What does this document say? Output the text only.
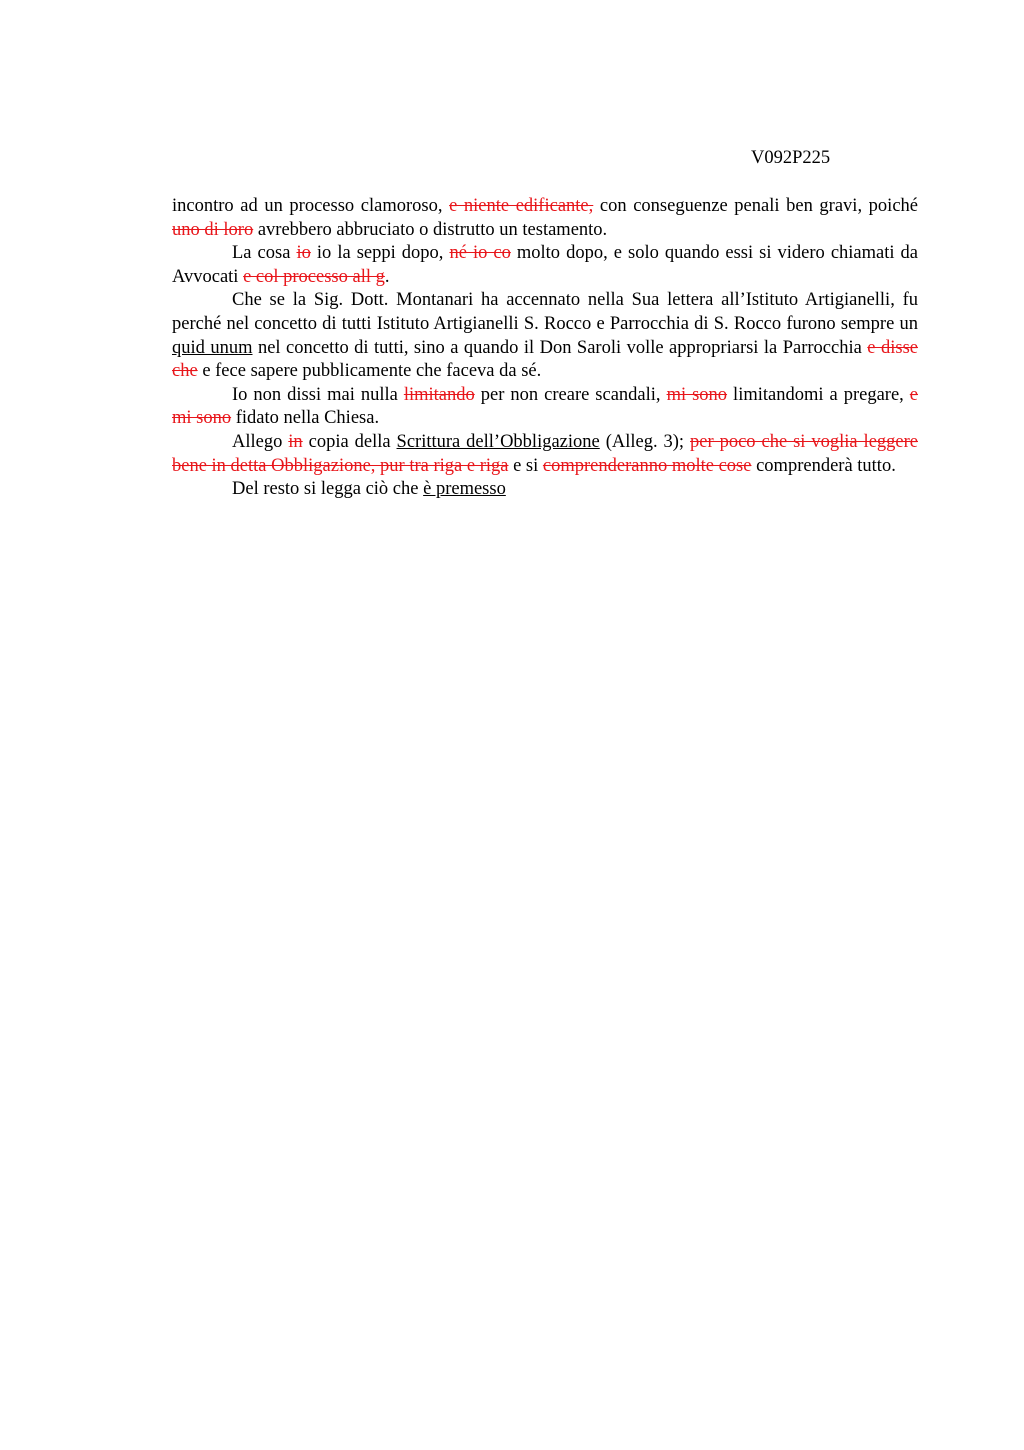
V092P225

incontro ad un processo clamoroso, e niente edificante, con conseguenze penali ben gravi, poiché uno di loro avrebbero abbruciato o distrutto un testamento.

La cosa io io la seppi dopo, né io co molto dopo, e solo quando essi si videro chiamati da Avvocati e col processo all g.

Che se la Sig. Dott. Montanari ha accennato nella Sua lettera all’Istituto Artigianelli, fu perché nel concetto di tutti Istituto Artigianelli S. Rocco e Parrocchia di S. Rocco furono sempre un quid unum nel concetto di tutti, sino a quando il Don Saroli volle appropriarsi la Parrocchia e disse che e fece sapere pubblicamente che faceva da sé.

Io non dissi mai nulla limitando per non creare scandali, mi sono limitandomi a pregare, e mi sono fidato nella Chiesa.

Allego in copia della Scrittura dell’Obbligazione (Alleg. 3); per poco che si voglia leggere bene in detta Obbligazione, pur tra riga e riga e si comprenderanno molte cose comprenderà tutto.

Del resto si legga ciò che è premesso
